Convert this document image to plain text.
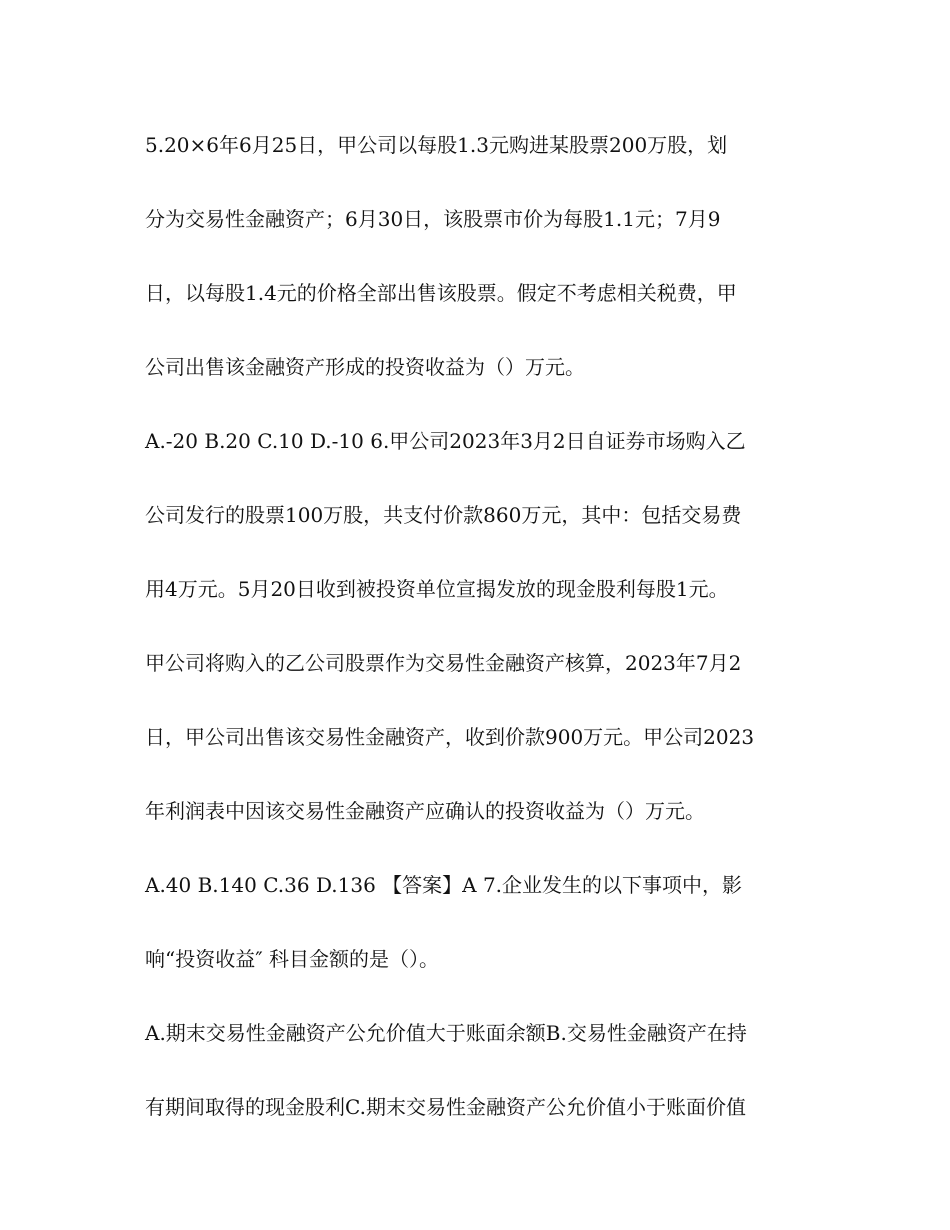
5.20×6年6月25日，甲公司以每股1.3元购进某股票200万股，划
分为交易性金融资产；6月30日，该股票市价为每股1.1元；7月9
日，以每股1.4元的价格全部出售该股票。假定不考虑相关税费，甲
公司出售该金融资产形成的投资收益为（）万元。
A.-20 B.20 C.10 D.-10 6.甲公司2023年3月2日自证券市场购入乙
公司发行的股票100万股，共支付价款860万元，其中：包括交易费
用4万元。5月20日收到被投资单位宣揭发放的现金股利每股1元。
甲公司将购入的乙公司股票作为交易性金融资产核算，2023年7月2
日，甲公司出售该交易性金融资产，收到价款900万元。甲公司2023
年利润表中因该交易性金融资产应确认的投资收益为（）万元。
A.40 B.140 C.36 D.136 【答案】A 7.企业发生的以下事项中，影
响“投资收益″ 科目金额的是（）。
A.期末交易性金融资产公允价值大于账面余额B.交易性金融资产在持
有期间取得的现金股利C.期末交易性金融资产公允价值小于账面价值
